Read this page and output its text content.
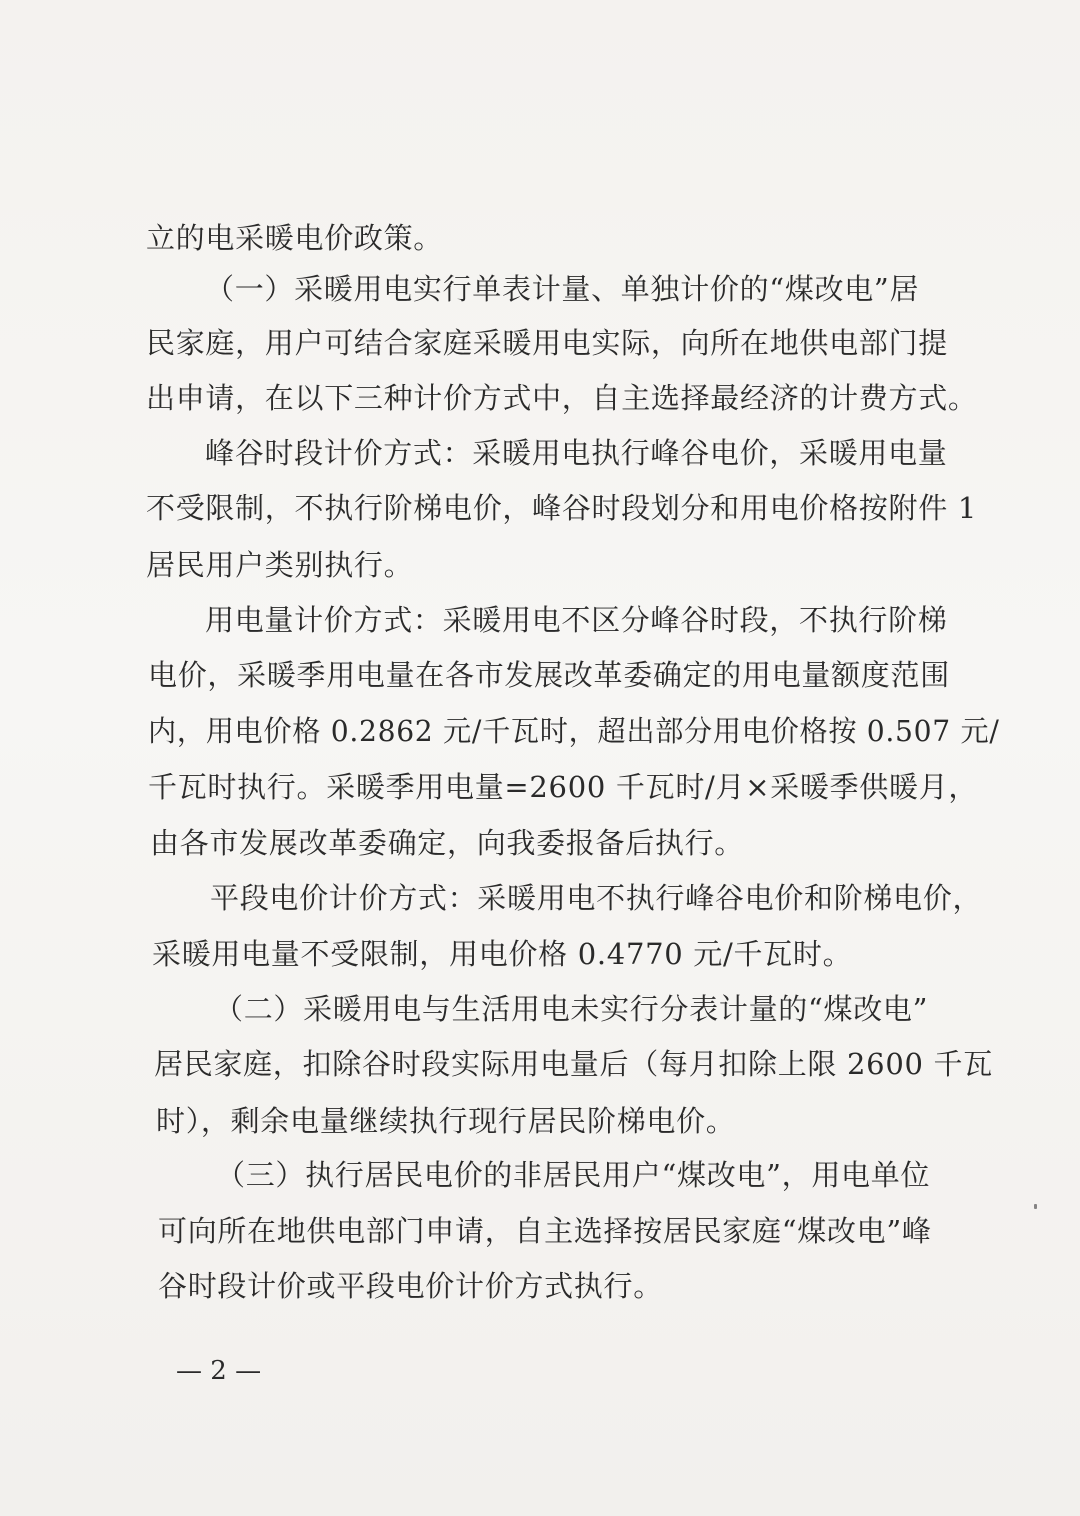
立的电采暖电价政策。
（一）采暖用电实行单表计量、单独计价的“煤改电”居
民家庭，用户可结合家庭采暖用电实际，向所在地供电部门提
出申请，在以下三种计价方式中，自主选择最经济的计费方式。
峰谷时段计价方式：采暖用电执行峰谷电价，采暖用电量
不受限制，不执行阶梯电价，峰谷时段划分和用电价格按附件 1
居民用户类别执行。
用电量计价方式：采暖用电不区分峰谷时段，不执行阶梯
电价，采暖季用电量在各市发展改革委确定的用电量额度范围
内，用电价格 0.2862 元/千瓦时，超出部分用电价格按 0.507 元/
千瓦时执行。采暖季用电量=2600 千瓦时/月×采暖季供暖月，
由各市发展改革委确定，向我委报备后执行。
平段电价计价方式：采暖用电不执行峰谷电价和阶梯电价，
采暖用电量不受限制，用电价格 0.4770 元/千瓦时。
（二）采暖用电与生活用电未实行分表计量的“煤改电”
居民家庭，扣除谷时段实际用电量后（每月扣除上限 2600 千瓦
时），剩余电量继续执行现行居民阶梯电价。
（三）执行居民电价的非居民用户“煤改电”，用电单位
可向所在地供电部门申请，自主选择按居民家庭“煤改电”峰
谷时段计价或平段电价计价方式执行。
— 2 —
